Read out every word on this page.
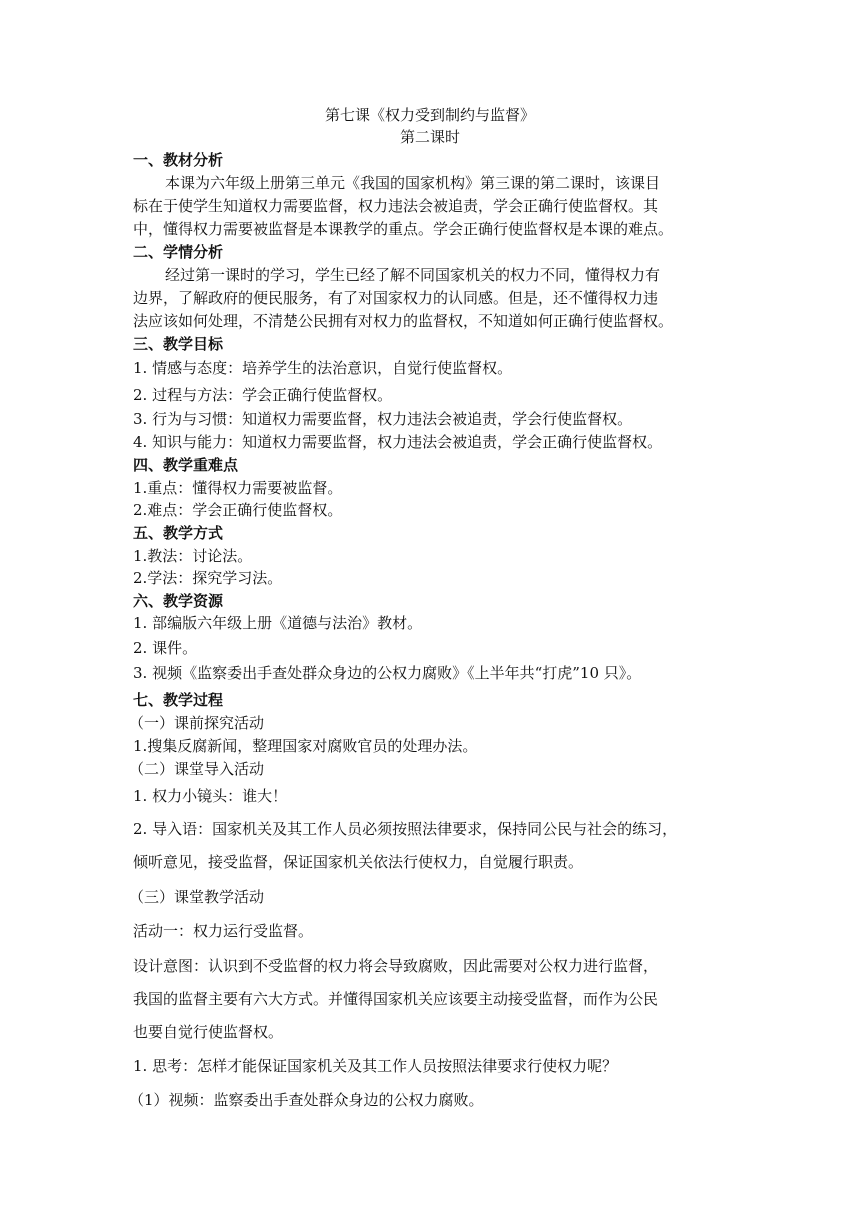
第七课《权力受到制约与监督》
第二课时
一、教材分析
本课为六年级上册第三单元《我国的国家机构》第三课的第二课时，该课目
标在于使学生知道权力需要监督，权力违法会被追责，学会正确行使监督权。其
中，懂得权力需要被监督是本课教学的重点。学会正确行使监督权是本课的难点。
二、学情分析
经过第一课时的学习，学生已经了解不同国家机关的权力不同，懂得权力有
边界，了解政府的便民服务，有了对国家权力的认同感。但是，还不懂得权力违
法应该如何处理，不清楚公民拥有对权力的监督权，不知道如何正确行使监督权。
三、教学目标
1. 情感与态度：培养学生的法治意识，自觉行使监督权。
2. 过程与方法：学会正确行使监督权。
3. 行为与习惯：知道权力需要监督，权力违法会被追责，学会行使监督权。
4. 知识与能力：知道权力需要监督，权力违法会被追责，学会正确行使监督权。
四、教学重难点
1.重点：懂得权力需要被监督。
2.难点：学会正确行使监督权。
五、教学方式
1.教法：讨论法。
2.学法：探究学习法。
六、教学资源
1. 部编版六年级上册《道德与法治》教材。
2. 课件。
3. 视频《监察委出手查处群众身边的公权力腐败》《上半年共“打虎”10 只》。
七、教学过程
（一）课前探究活动
1.搜集反腐新闻，整理国家对腐败官员的处理办法。
（二）课堂导入活动
1. 权力小镜头：谁大！
2. 导入语：国家机关及其工作人员必须按照法律要求，保持同公民与社会的练习，
倾听意见，接受监督，保证国家机关依法行使权力，自觉履行职责。
（三）课堂教学活动
活动一：权力运行受监督。
设计意图：认识到不受监督的权力将会导致腐败，因此需要对公权力进行监督，
我国的监督主要有六大方式。并懂得国家机关应该要主动接受监督，而作为公民
也要自觉行使监督权。
1. 思考：怎样才能保证国家机关及其工作人员按照法律要求行使权力呢？
（1）视频：监察委出手查处群众身边的公权力腐败。
